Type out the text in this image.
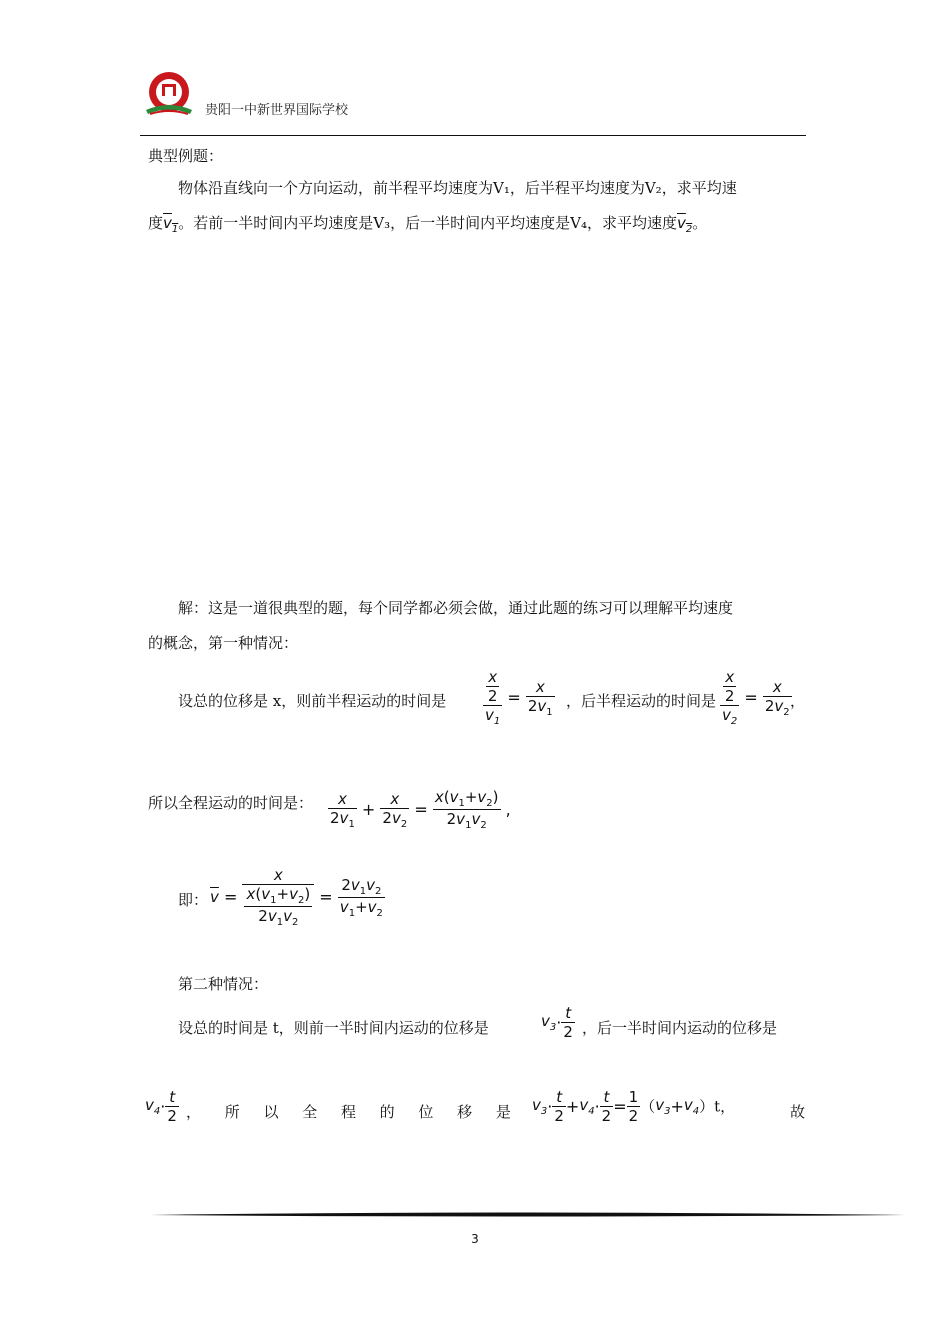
贵阳一中新世界国际学校
典型例题：
物体沿直线向一个方向运动，前半程平均速度为V₁，后半程平均速度为V₂，求平均速
度$v_1$。若前一半时间内平均速度是V₃，后一半时间内平均速度是V₄，求平均速度$v_2$。
解：这是一道很典型的题，每个同学都必须会做，通过此题的练习可以理解平均速度
的概念，第一种情况：
设总的位移是 x，则前半程运动的时间是 $\frac{\frac{x}{2}}{v_1} = \frac{x}{2v_1}$ ，后半程运动的时间是 $\frac{\frac{x}{2}}{v_2} = \frac{x}{2v_2}$
，
所以全程运动的时间是： $\frac{x}{2v_1} + \frac{x}{2v_2} = \frac{x(v_1+v_2)}{2v_1v_2}$ ,
即： $\overline{v} = \frac{x}{\frac{x(v_1+v_2)}{2v_1v_2}} = \frac{2v_1v_2}{v_1+v_2}$
第二种情况：
设总的时间是 t，则前一半时间内运动的位移是	$v_3\cdot \frac{t}{2}$ ，后一半时间内运动的位移是
$v_4\cdot \frac{t}{2}$ ， 所 以 全 程 的 位 移 是 $v_3\cdot \frac{t}{2} +v_4\cdot \frac{t}{2} = \frac{1}{2} (v_3+v_4)t$，	故
3
